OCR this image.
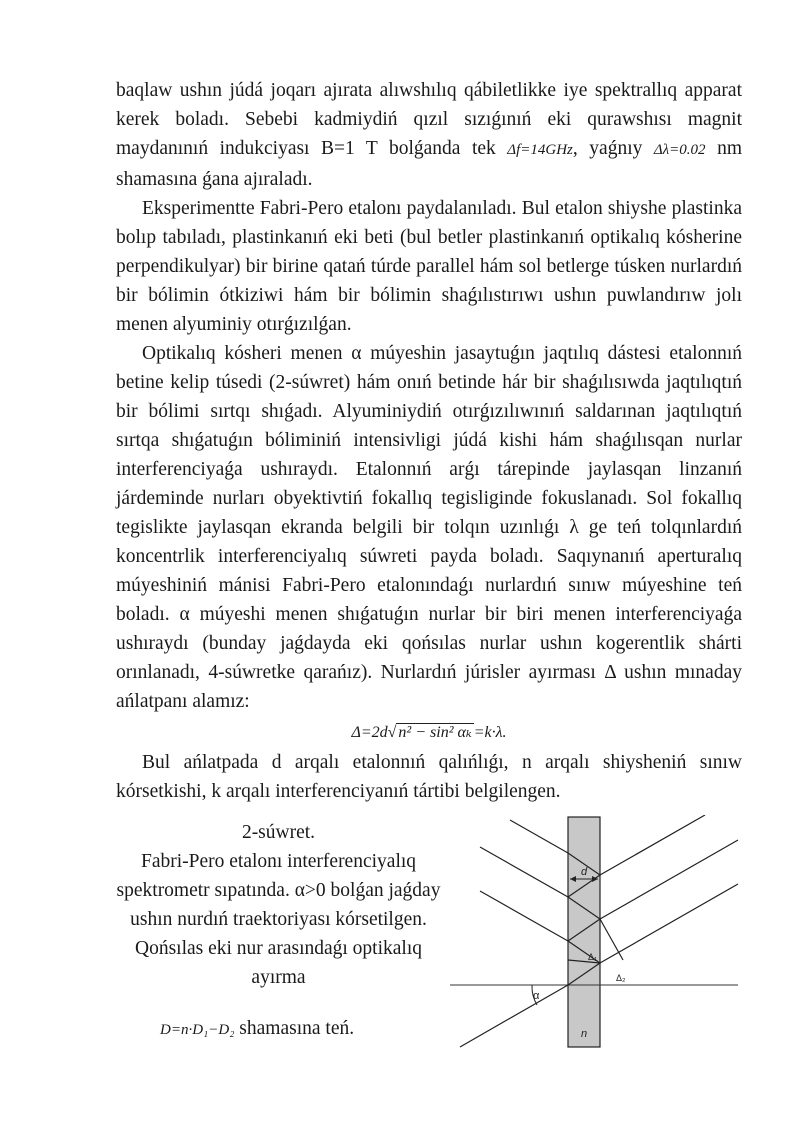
baqlaw ushın júdá joqarı ajırata alıwshılıq qábiletlikke iye spektrallıq apparat kerek boladı. Sebebi kadmiydiń qızıl sızıǵınıń eki qurawshısı magnit maydanınıń indukciyası B=1 T bolǵanda tek Δf=14GHz, yaǵnıy Δλ=0.02 nm shamasına ǵana ajıraladı.

Eksperimentte Fabri-Pero etalonı paydalanıladı. Bul etalon shiyshe plastinka bolıp tabıladı, plastinkanıń eki beti (bul betler plastinkanıń optikalıq kósherine perpendikulyar) bir birine qatań túrde parallel hám sol betlerge túsken nurlardıń bir bólimin ótkiziwi hám bir bólimin shaǵılıstırıwı ushın puwlandırıw jolı menen alyuminiy otırǵızılǵan.

Optikalıq kósheri menen α múyeshin jasaytuǵın jaqtılıq dástesi etalonnıń betine kelip túsedi (2-súwret) hám onıń betinde hár bir shaǵılısıwda jaqtılıqtıń bir bólimi sırtqı shıǵadı. Alyuminiydiń otırǵızılıwınıń saldarınan jaqtılıqtıń sırtqa shıǵatuǵın bóliminiń intensivligi júdá kishi hám shaǵılısqan nurlar interferenciyaǵa ushıraydı. Etalonnıń arǵı tárepinde jaylasqan linzanıń járdeminde nurları obyektivtiń fokallıq tegisliginde fokuslanadı. Sol fokallıq tegislikte jaylasqan ekranda belgili bir tolqın uzınlıǵı λ ge teń tolqınlardıń koncentrlik interferenciyalıq súwreti payda boladı. Saqıynanıń aperturalıq múyeshiniń mánisi Fabri-Pero etalonındaǵı nurlardıń sınıw múyeshine teń boladı. α múyeshi menen shıǵatuǵın nurlar bir biri menen interferenciyaǵa ushıraydı (bunday jaǵdayda eki qońsılas nurlar ushın kogerentlik shárti orınlanadı, 4-súwretke qarańız). Nurlardıń júrisler ayırması Δ ushın mınaday ańlatpanı alamız:

Δ=2d√ n² − sin² αₖ =k·λ.

Bul ańlatpada d arqalı etalonnıń qalıńlıǵı, n arqalı shiysheniń sınıw kórsetkishi, k arqalı interferenciyanıń tártibi belgilengen.

2-súwret.
Fabri-Pero etalonı interferenciyalıq spektrometr sıpatında. α>0 bolǵan jaǵday ushın nurdıń traektoriyası kórsetilgen. Qońsılas eki nur arasındaǵı optikalıq ayırma
D=n·D₁−D₂ shamasına teń.
d
n
α
Δ₁
Δ₂
